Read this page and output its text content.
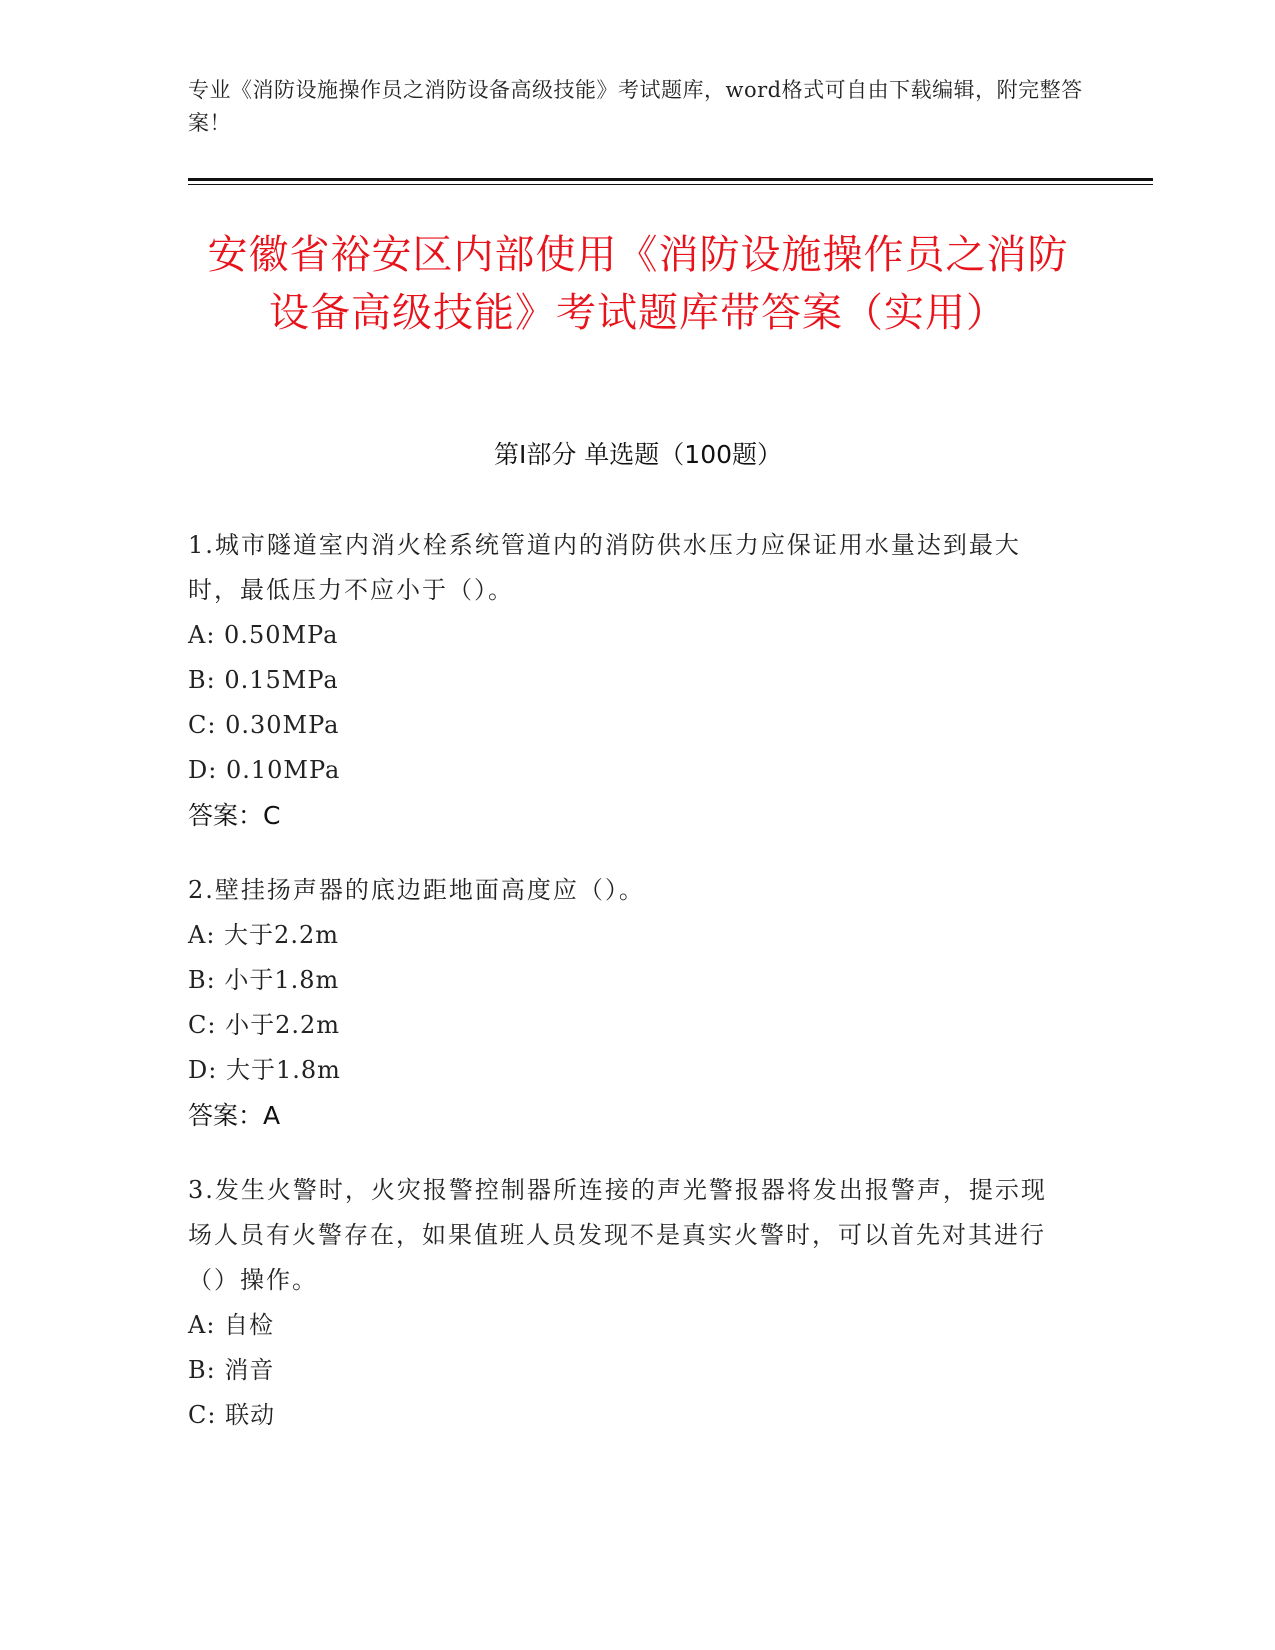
专业《消防设施操作员之消防设备高级技能》考试题库，word格式可自由下载编辑，附完整答案！
安徽省裕安区内部使用《消防设施操作员之消防设备高级技能》考试题库带答案（实用）
第I部分 单选题（100题）
1.城市隧道室内消火栓系统管道内的消防供水压力应保证用水量达到最大时，最低压力不应小于（）。
A: 0.50MPa
B: 0.15MPa
C: 0.30MPa
D: 0.10MPa
答案：C
2.壁挂扬声器的底边距地面高度应（）。
A: 大于2.2m
B: 小于1.8m
C: 小于2.2m
D: 大于1.8m
答案：A
3.发生火警时，火灾报警控制器所连接的声光警报器将发出报警声，提示现场人员有火警存在，如果值班人员发现不是真实火警时，可以首先对其进行（）操作。
A: 自检
B: 消音
C: 联动
